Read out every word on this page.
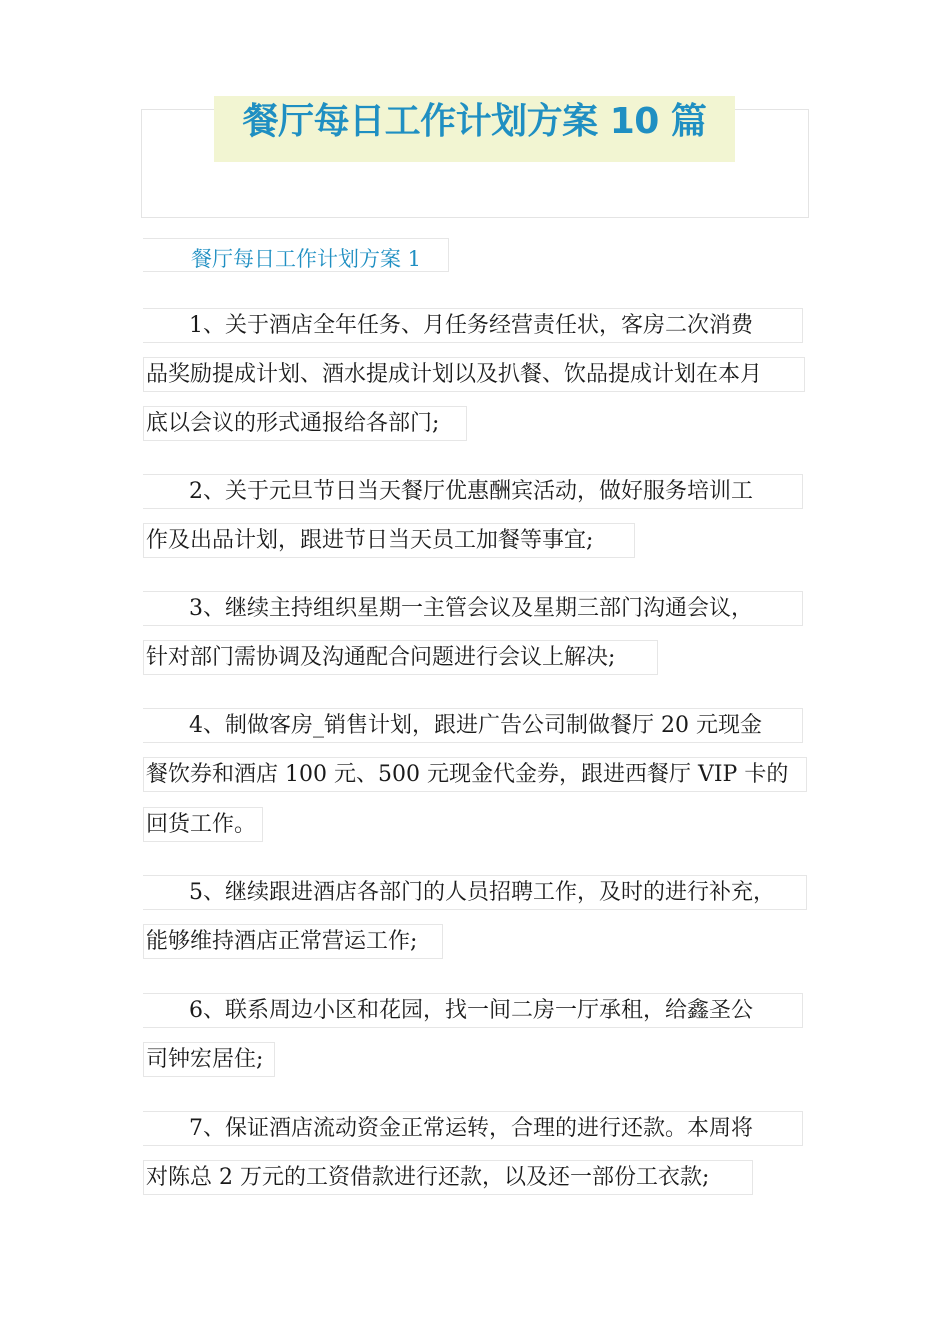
餐厅每日工作计划方案 10 篇
餐厅每日工作计划方案 1
1、关于酒店全年任务、月任务经营责任状，客房二次消费
品奖励提成计划、酒水提成计划以及扒餐、饮品提成计划在本月
底以会议的形式通报给各部门;
2、关于元旦节日当天餐厅优惠酬宾活动，做好服务培训工
作及出品计划，跟进节日当天员工加餐等事宜;
3、继续主持组织星期一主管会议及星期三部门沟通会议，
针对部门需协调及沟通配合问题进行会议上解决;
4、制做客房_销售计划，跟进广告公司制做餐厅 20 元现金
餐饮券和酒店 100 元、500 元现金代金券，跟进西餐厅 VIP 卡的
回货工作。
5、继续跟进酒店各部门的人员招聘工作，及时的进行补充，
能够维持酒店正常营运工作;
6、联系周边小区和花园，找一间二房一厅承租，给鑫圣公
司钟宏居住;
7、保证酒店流动资金正常运转，合理的进行还款。本周将
对陈总 2 万元的工资借款进行还款，以及还一部份工衣款;
